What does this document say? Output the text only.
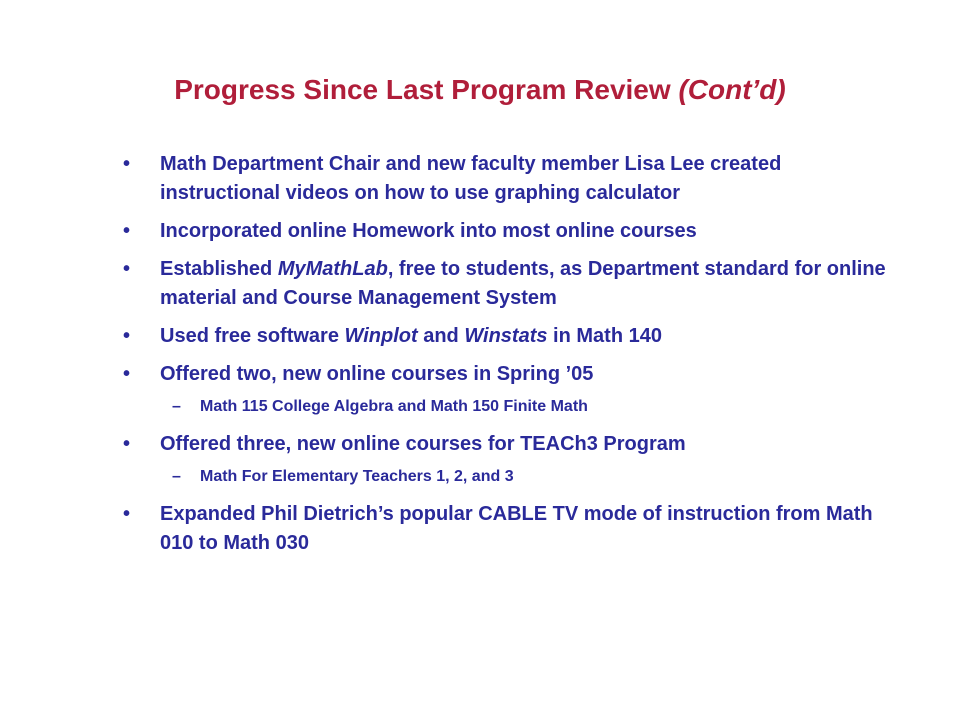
Progress Since Last Program Review (Cont’d)
• Math Department Chair and new faculty member Lisa Lee created instructional videos on how to use graphing calculator
• Incorporated online Homework into most online courses
• Established MyMathLab, free to students, as Department standard for online material and Course Management System
• Used free software Winplot and Winstats in Math 140
• Offered two, new online courses in Spring ’05
– Math 115 College Algebra and Math 150 Finite Math
• Offered three, new online courses for TEACh3 Program
– Math For Elementary Teachers 1, 2, and 3
• Expanded Phil Dietrich’s popular CABLE TV mode of instruction from Math 010 to Math 030
